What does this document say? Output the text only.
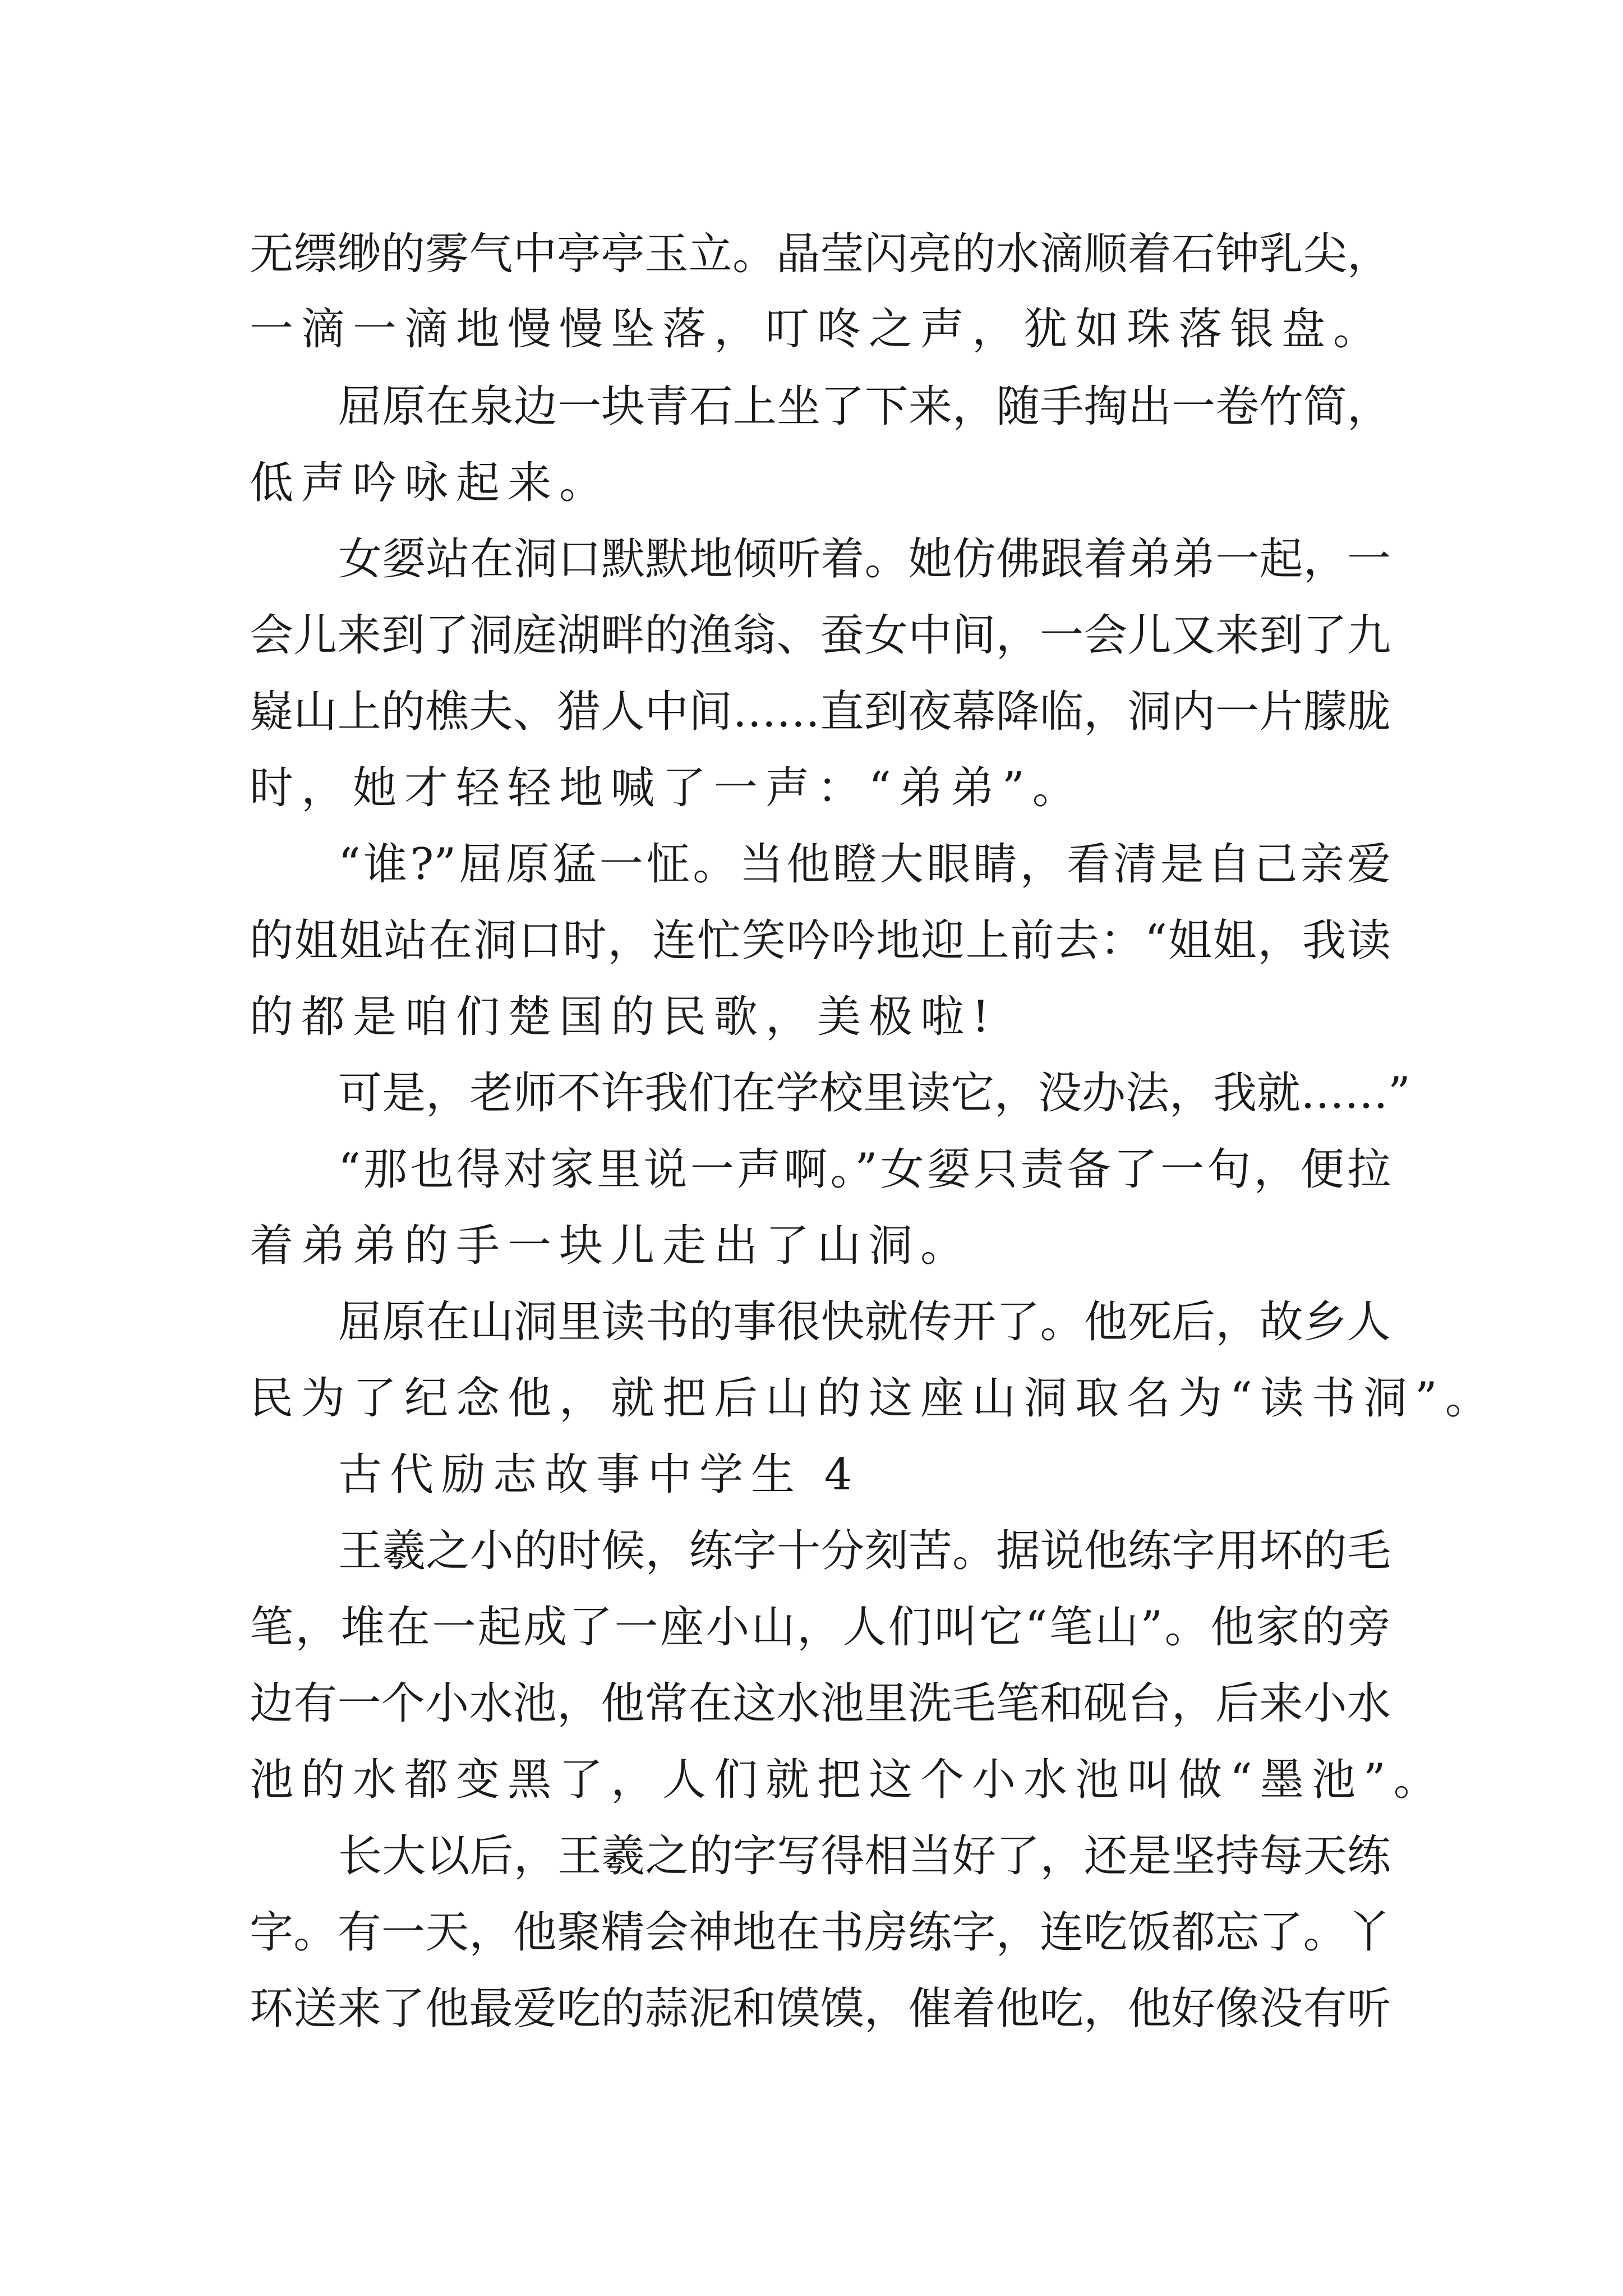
无缥缈的雾气中亭亭玉立。晶莹闪亮的水滴顺着石钟乳尖，
一滴一滴地慢慢坠落，叮咚之声，犹如珠落银盘。
屈原在泉边一块青石上坐了下来，随手掏出一卷竹简，
低声吟咏起来。
女媭站在洞口默默地倾听着。她仿佛跟着弟弟一起，一
会儿来到了洞庭湖畔的渔翁、蚕女中间，一会儿又来到了九
嶷山上的樵夫、猎人中间……直到夜幕降临，洞内一片朦胧
时，她才轻轻地喊了一声：“弟弟”。
“谁?”屈原猛一怔。当他瞪大眼睛，看清是自己亲爱
的姐姐站在洞口时，连忙笑吟吟地迎上前去：“姐姐，我读
的都是咱们楚国的民歌，美极啦!
可是，老师不许我们在学校里读它，没办法，我就……”
“那也得对家里说一声啊。”女媭只责备了一句，便拉
着弟弟的手一块儿走出了山洞。
屈原在山洞里读书的事很快就传开了。他死后，故乡人
民为了纪念他，就把后山的这座山洞取名为“读书洞”。
古代励志故事中学生 4
王羲之小的时候，练字十分刻苦。据说他练字用坏的毛
笔，堆在一起成了一座小山，人们叫它“笔山”。他家的旁
边有一个小水池，他常在这水池里洗毛笔和砚台，后来小水
池的水都变黑了，人们就把这个小水池叫做“墨池”。
长大以后，王羲之的字写得相当好了，还是坚持每天练
字。有一天，他聚精会神地在书房练字，连吃饭都忘了。丫
环送来了他最爱吃的蒜泥和馍馍，催着他吃，他好像没有听
